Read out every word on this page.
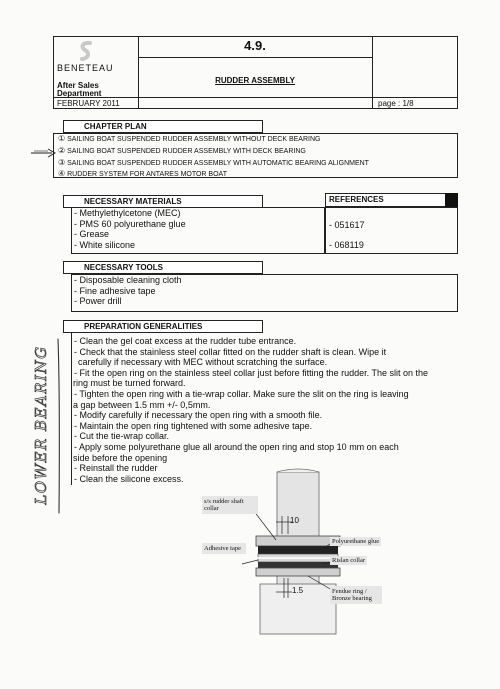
BENETEAU
After Sales
Department
FEBRUARY 2011
4.9.
RUDDER ASSEMBLY
page : 1/8
CHAPTER PLAN
① SAILING BOAT SUSPENDED RUDDER ASSEMBLY WITHOUT DECK BEARING
② SAILING BOAT SUSPENDED RUDDER ASSEMBLY WITH DECK BEARING
③ SAILING BOAT SUSPENDED RUDDER ASSEMBLY WITH AUTOMATIC BEARING ALIGNMENT
④ RUDDER SYSTEM FOR ANTARES MOTOR BOAT
NECESSARY MATERIALS
- Methylethylcetone (MEC)
- PMS 60 polyurethane glue
- Grease
- White silicone
REFERENCES
- 051617
- 068119
NECESSARY TOOLS
- Disposable cleaning cloth
- Fine adhesive tape
- Power drill
PREPARATION GENERALITIES
- Clean the gel coat excess at the rudder tube entrance.
- Check that the stainless steel collar fitted on the rudder shaft is clean. Wipe it
carefully if necessary with MEC without scratching the surface.
- Fit the open ring on the stainless steel collar just before fitting the rudder. The slit on the
ring must be turned forward.
- Tighten the open ring with a tie-wrap collar. Make sure the slit on the ring is leaving
a gap between 1.5 mm +/- 0,5mm.
- Modify carefully if necessary the open ring with a smooth file.
- Maintain the open ring tightened with some adhesive tape.
- Cut the tie-wrap collar.
- Apply some polyurethane glue all around the open ring and stop 10 mm on each
side before the opening
- Reinstall the rudder
- Clean the silicone excess.
LOWER BEARING	s/s rudder shaft collar
Adhesive tape
Polyurethane glue
Rislan collar
Fendue ring / Bronze bearing
10
1.5
